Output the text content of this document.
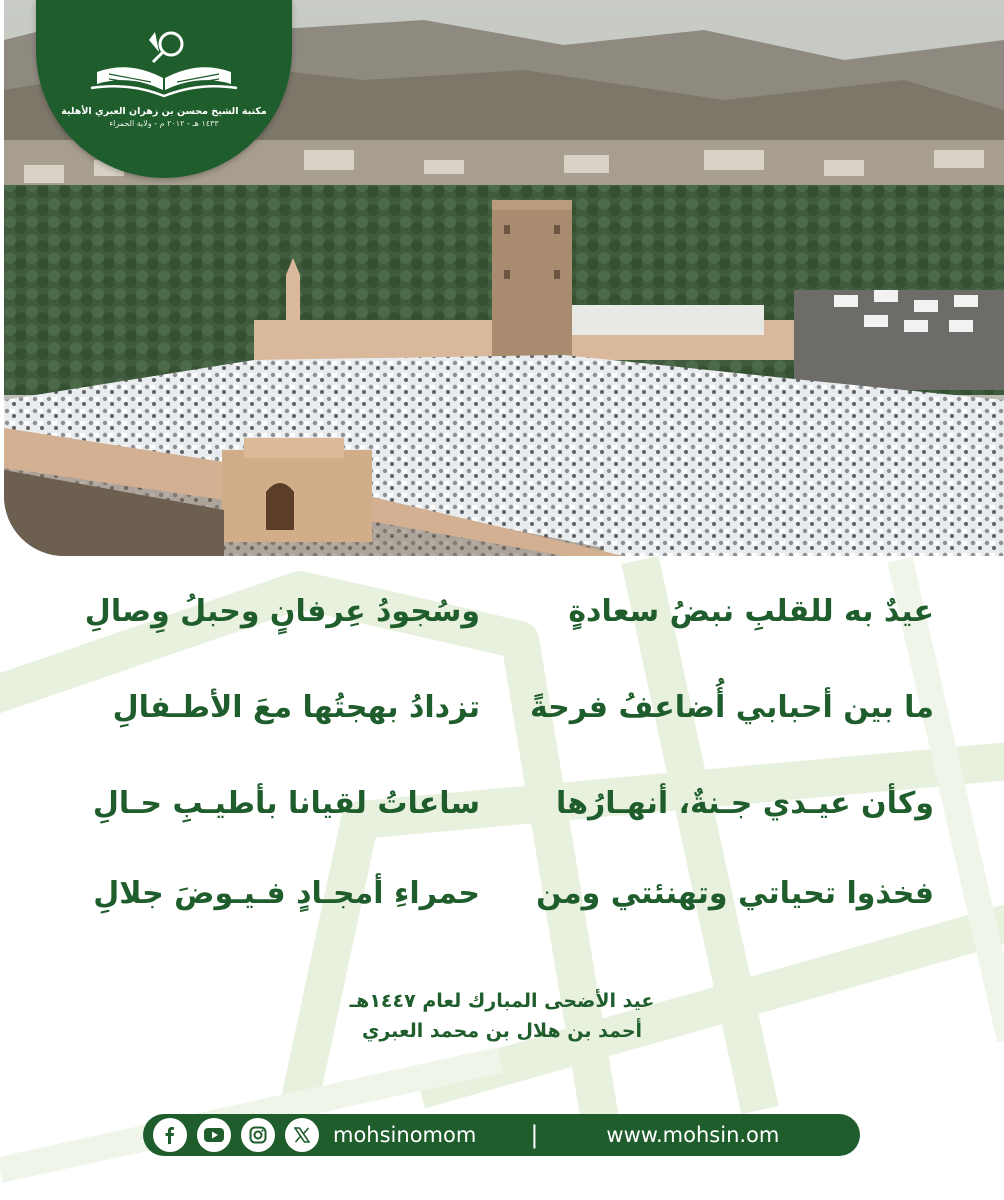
مكتبة الشيخ محسن بن زهران العبري الأهلية
١٤٣٣ هـ - ٢٠١٢ م - ولاية الحمراء
عيدٌ به للقلبِ نبضُ سعادةٍ
وسُجودُ عِرفانٍ وحبلُ وِصالِ
ما بين أحبابي أُضاعفُ فرحةً
تزدادُ بهجتُها معَ الأطـفالِ
وكأن عيـدي جـنةٌ، أنهـارُها
ساعاتُ لقيانا بأطيـبِ حـالِ
فخذوا تحياتي وتهنئتي ومن
حمراءِ أمجـادٍ فـيـوضَ جلالِ
عيد الأضحى المبارك لعام ١٤٤٧هـ
أحمد بن هلال بن محمد العبري
mohsinomom |	www.mohsin.om
